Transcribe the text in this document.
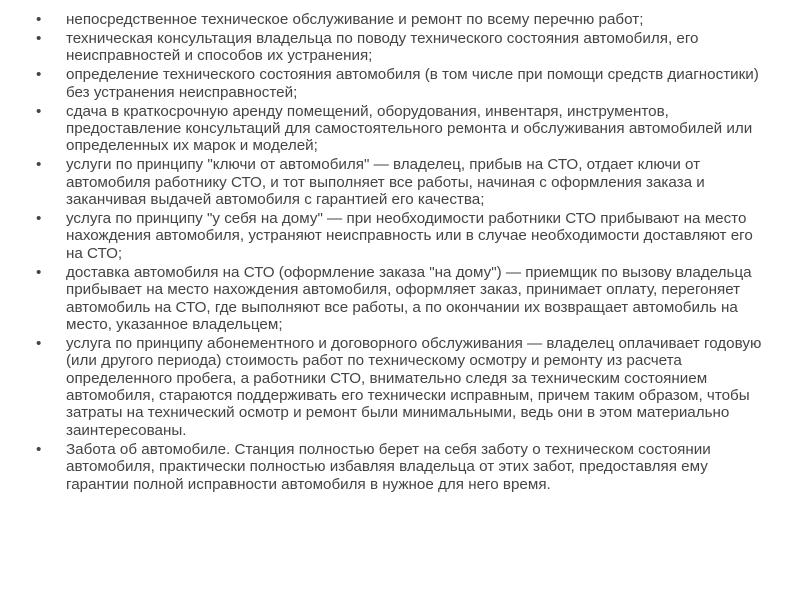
• непосредственное техническое обслуживание и ремонт по всему перечню работ;
• техническая консультация владельца по поводу технического состояния автомобиля, его неисправностей и способов их устранения;
• определение технического состояния автомобиля (в том числе при помощи средств диагностики) без устранения неисправностей;
• сдача в краткосрочную аренду помещений, оборудования, инвентаря, инструментов, предоставление консультаций для самостоятельного ремонта и обслуживания автомобилей или определенных их марок и моделей;
• услуги по принципу "ключи от автомобиля" — владелец, прибыв на СТО, отдает ключи от автомобиля работнику СТО, и тот выполняет все работы, начиная с оформления заказа и заканчивая выдачей автомобиля с гарантией его качества;
• услуга по принципу "у себя на дому" — при необходимости работники СТО прибывают на место нахождения автомобиля, устраняют неисправность или в случае необходимости доставляют его на СТО;
• доставка автомобиля на СТО (оформление заказа "на дому") — приемщик по вызову владельца прибывает на место нахождения автомобиля, оформляет заказ, принимает оплату, перегоняет автомобиль на СТО, где выполняют все работы, а по окончании их возвращает автомобиль на место, указанное владельцем;
• услуга по принципу абонементного и договорного обслуживания — владелец оплачивает годовую (или другого периода) стоимость работ по техническому осмотру и ремонту из расчета определенного пробега, а работники СТО, внимательно следя за техническим состоянием автомобиля, стараются поддерживать его технически исправным, причем таким образом, чтобы затраты на технический осмотр и ремонт были минимальными, ведь они в этом материально заинтересованы.
• Забота об автомобиле. Станция полностью берет на себя заботу о техническом состоянии автомобиля, практически полностью избавляя владельца от этих забот, предоставляя ему гарантии полной исправности автомобиля в нужное для него время.
